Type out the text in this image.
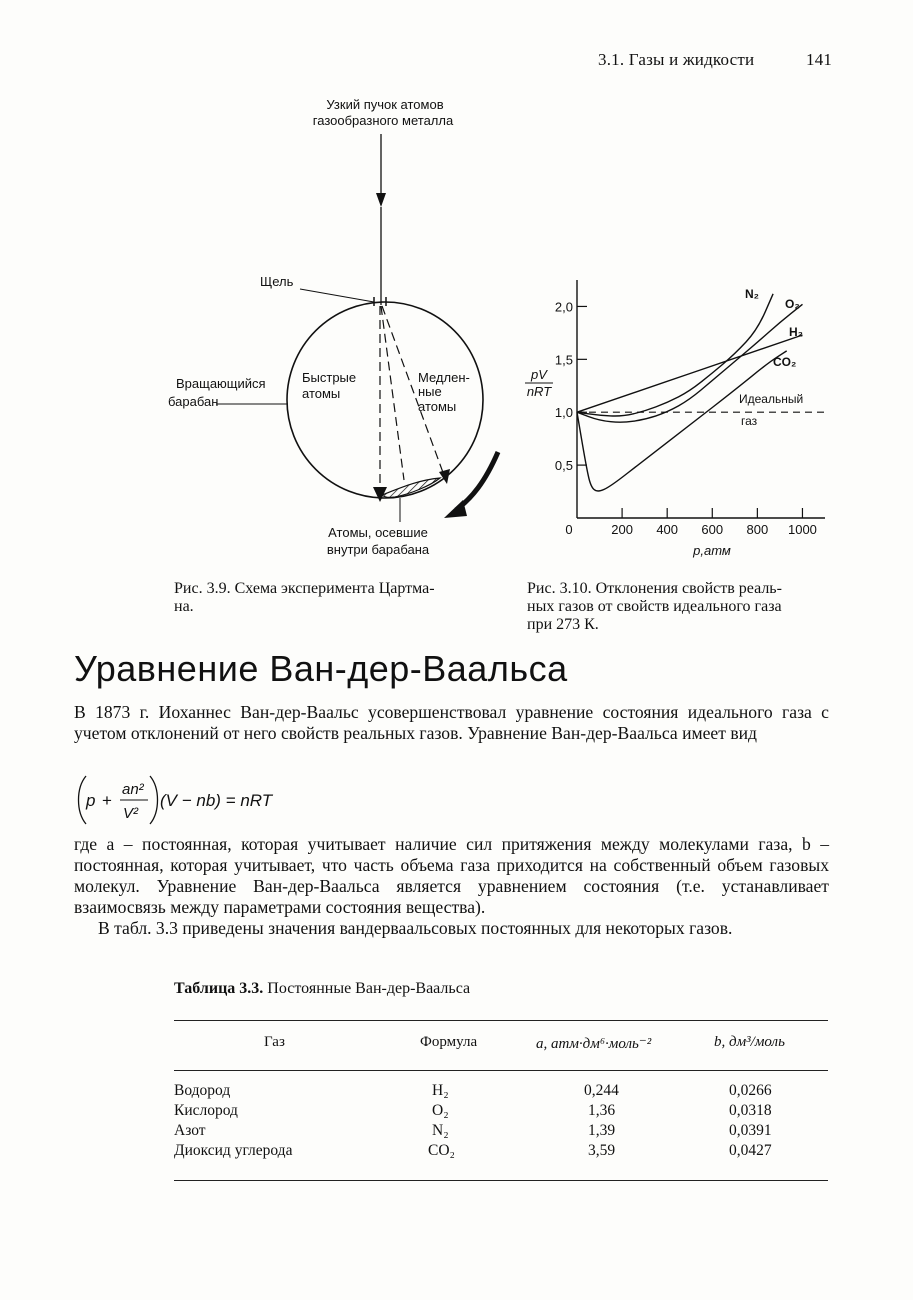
3.1. Газы и жидкости	141
Узкий пучок атомов
газообразного металла
Щель
Вращающийся
барабан
Быстрые
атомы
Медлен-
ные
атомы
Атомы, осевшие
внутри барабана
0	200 400 600 800 1000
0,5
1,0
1,5
2,0
N₂
O₂
H₂
CO₂
Идеальный
газ
pV
nRT
p,атм
Рис. 3.9. Схема эксперимента Цартма-
на.
Рис. 3.10. Отклонения свойств реаль-
ных газов от свойств идеального газа
при 273 К.
Уравнение Ван-дер-Ваальса

В 1873 г. Иоханнес Ван-дер-Ваальс усовершенствовал уравнение состояния идеального газа с учетом отклонений от него свойств реальных газов. Уравнение Ван-дер-Ваальса имеет вид

p +
an²
V²
(V − nb) = nRT

где a – постоянная, которая учитывает наличие сил притяжения между молекулами газа, b – постоянная, которая учитывает, что часть объема газа приходится на собственный объем газовых молекул. Уравнение Ван-дер-Ваальса является уравнением состояния (т.е. устанавливает взаимосвязь между параметрами состояния вещества).

В табл. 3.3 приведены значения вандерваальсовых постоянных для некоторых газов.

Таблица 3.3. Постоянные Ван-дер-Ваальса
Газ	Формула	a, атм·дм⁶·моль⁻²	b, дм³/моль
Водород	H₂	0,244	0,0266
Кислород	O₂	1,36	0,0318
Азот	N₂	1,39	0,0391
Диоксид углерода	CO₂	3,59	0,0427
